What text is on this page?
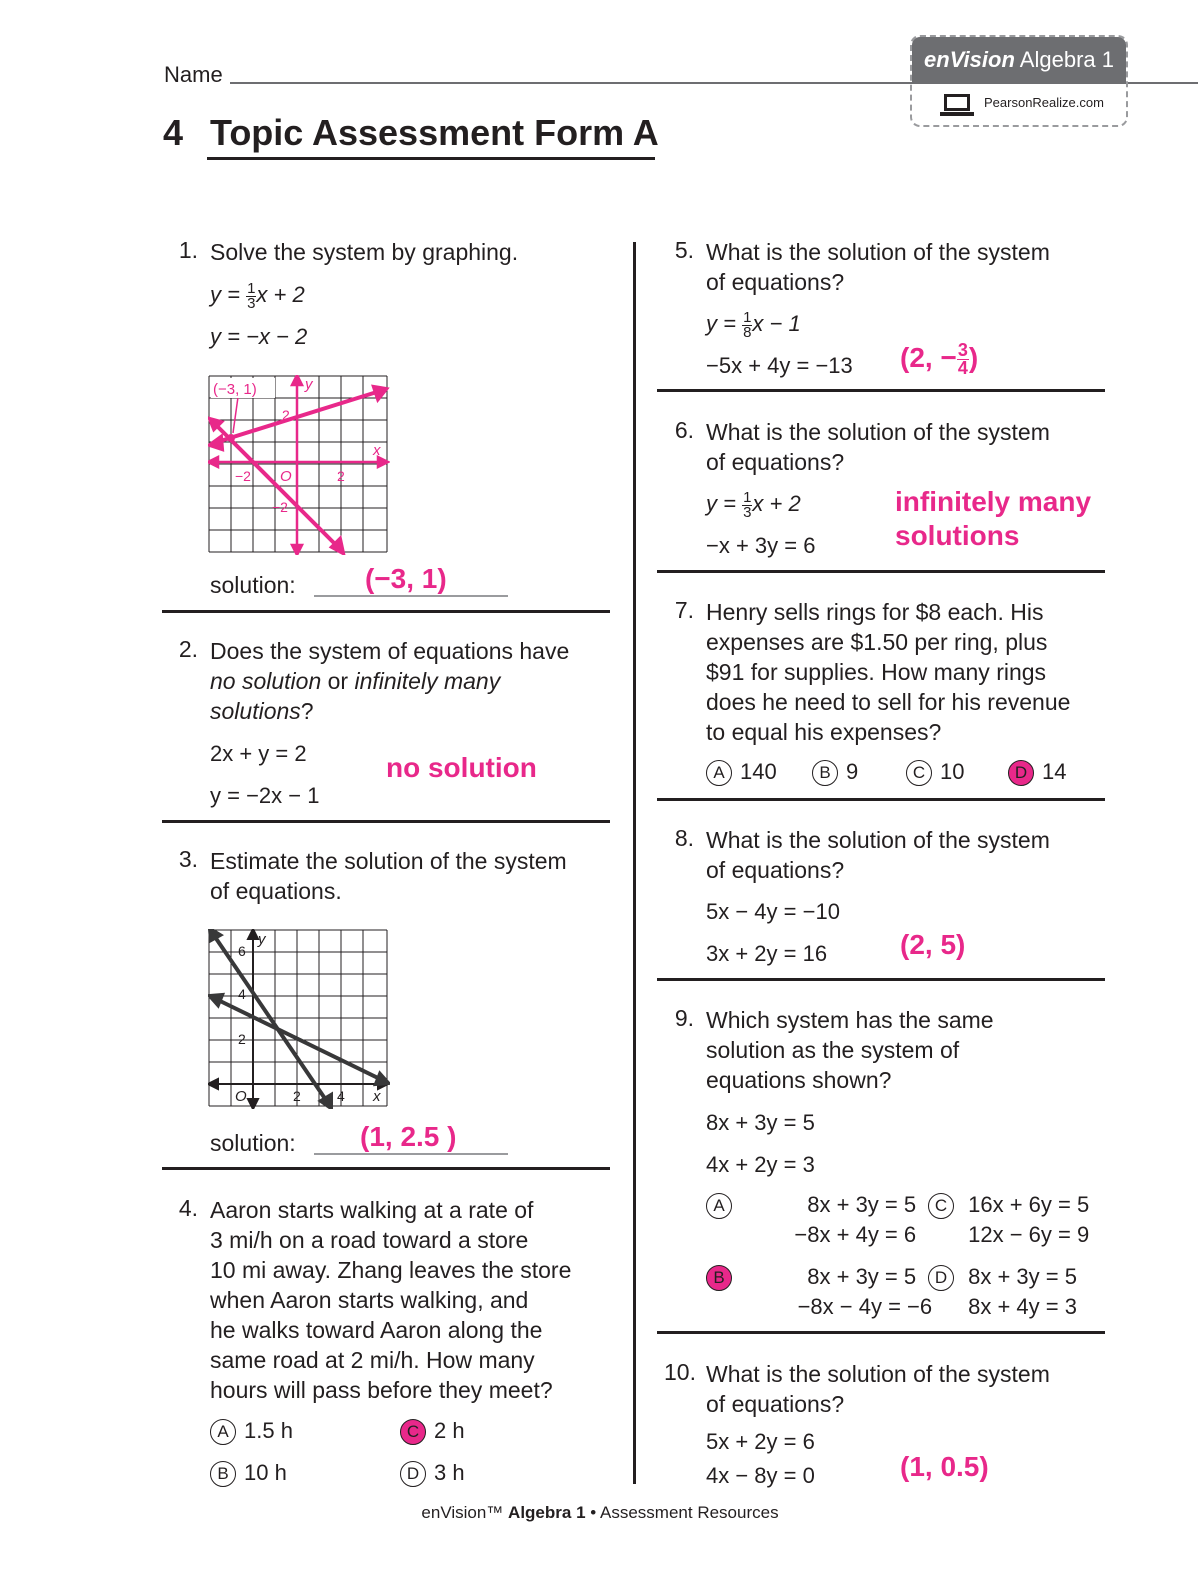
Name
enVision Algebra 1
PearsonRealize.com
4 Topic Assessment Form A
1. Solve the system by graphing.
$y = \frac{1}{3}$ x + 2
y = −x − 2
(−3, 1)	y
x
O	2
−2
2
−2
solution: (−3, 1)
2. Does the system of equations have
no solution or infinitely many
solutions?
2x + y = 2
y = −2x − 1
no solution
3. Estimate the solution of the system
of equations.
y
x
O	2	4
2
4
6
solution: (1, 2.5 )
4. Aaron starts walking at a rate of
3 mi/h on a road toward a store
10 mi away. Zhang leaves the store
when Aaron starts walking, and
he walks toward Aaron along the
same road at 2 mi/h. How many
hours will pass before they meet?
A 1.5 h	C 2 h
B 10 h	D 3 h
5. What is the solution of the system
of equations?
$y = \frac{1}{8}$ x − 1
−5x + 4y = −13 (2, − $\frac{3}{4}$ )
6. What is the solution of the system
of equations?
$y = \frac{1}{3}$ x + 2
−x + 3y = 6
infinitely many
solutions
7. Henry sells rings for $8 each. His
expenses are $1.50 per ring, plus
$91 for supplies. How many rings
does he need to sell for his revenue
to equal his expenses?
A 140	B 9	C 10	D 14
8. What is the solution of the system
of equations?
5x − 4y = −10
3x + 2y = 16	(2, 5)
9. Which system has the same
solution as the system of
equations shown?
8x + 3y = 5
4x + 2y = 3
A	8x + 3y = 5
−8x + 4y = 6
C 16x + 6y = 5
12x − 6y = 9
B	8x + 3y = 5
−8x − 4y = −6
D 8x + 3y = 5
8x + 4y = 3
10. What is the solution of the system
of equations?
5x + 2y = 6
4x − 8y = 0	(1, 0.5)
enVision™ Algebra 1 • Assessment Resources
